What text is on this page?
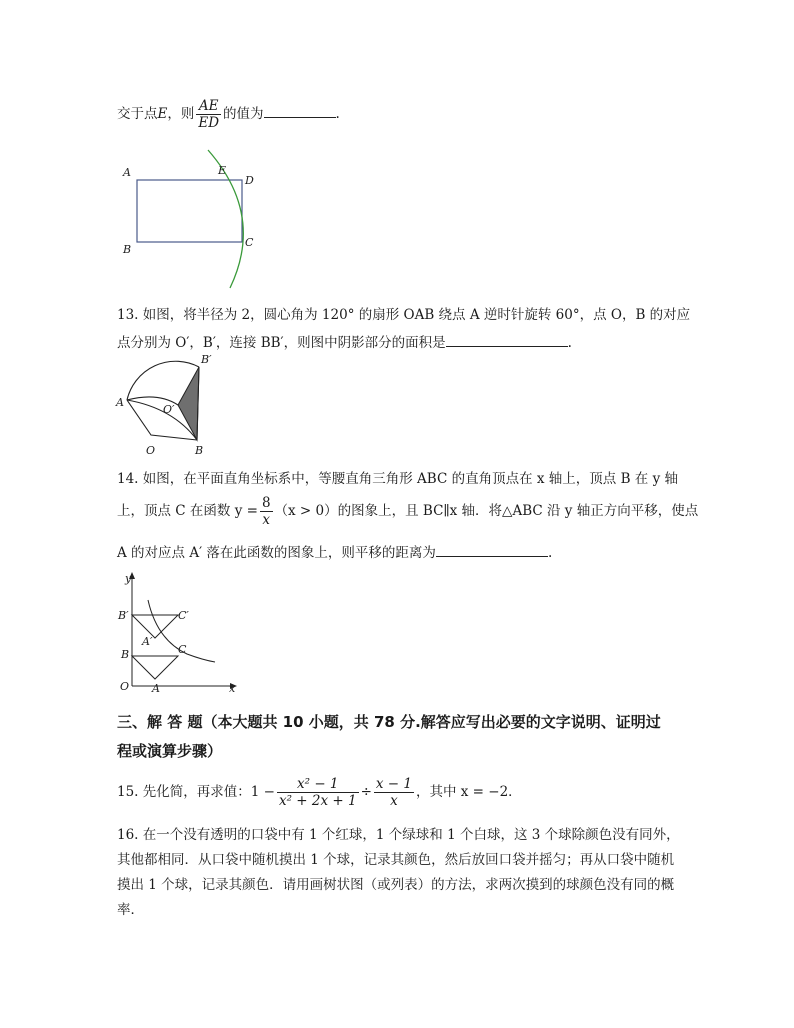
交于点E，则 $\frac{AE}{ED}$ 的值为	.
A	E
D
B
C
13. 如图，将半径为 2，圆心角为 120° 的扇形 OAB 绕点 A 逆时针旋转 60°，点 O，B 的对应
点分别为 O′，B′，连接 BB′，则图中阴影部分的面积是	.
B′
A
O′
O	B
14. 如图，在平面直角坐标系中，等腰直角三角形 ABC 的直角顶点在 x 轴上，顶点 B 在 y 轴
上，顶点 C 在函数 $y = \frac{8}{x} (x > 0)$的图象上，且 BC∥x 轴．将△ABC 沿 y 轴正方向平移，使点
A 的对应点 A′ 落在此函数的图象上，则平移的距离为	.
y
B′	C′
A′
B	C
O A	x
三、解 答 题（本大题共 10 小题，共 78 分.解答应写出必要的文字说明、证明过
程或演算步骤）
15. 先化简，再求值：$1 - \frac{\text{x² − 1}}{\text{x² + 2x + 1}} \div \frac{x - 1}{x}$ ，其中 x = −2．
16. 在一个没有透明的口袋中有 1 个红球，1 个绿球和 1 个白球，这 3 个球除颜色没有同外，
其他都相同．从口袋中随机摸出 1 个球，记录其颜色，然后放回口袋并摇匀；再从口袋中随机
摸出 1 个球，记录其颜色．请用画树状图（或列表）的方法，求两次摸到的球颜色没有同的概
率．
